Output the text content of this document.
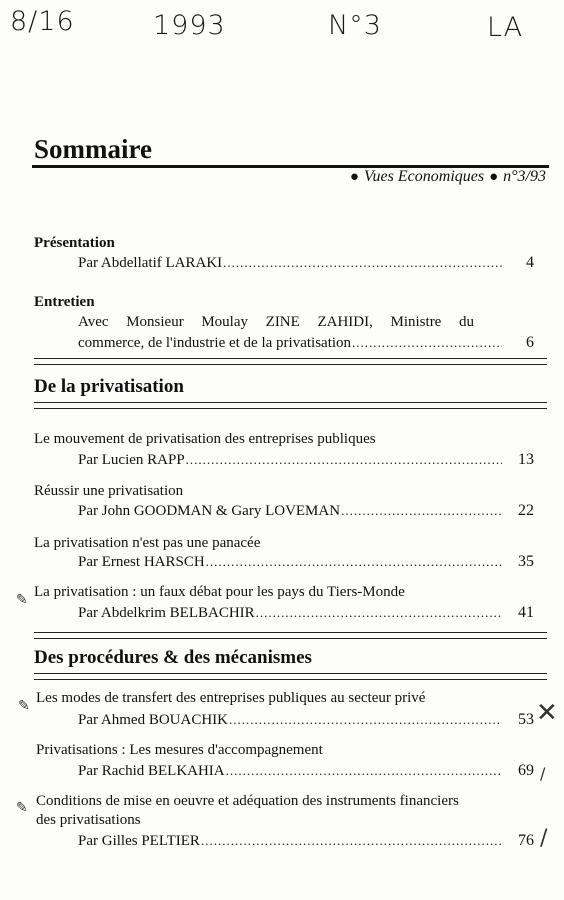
8/16	1993	N°3	LA
Sommaire
● Vues Economiques ● n°3/93
Présentation
Par Abdellatif LARAKI .....	4
Entretien
Avec Monsieur Moulay ZINE ZAHIDI, Ministre du
commerce, de l'industrie et de la privatisation .....	6
De la privatisation
Le mouvement de privatisation des entreprises publiques
Par Lucien RAPP .....	13
Réussir une privatisation
Par John GOODMAN & Gary LOVEMAN .....	22
La privatisation n'est pas une panacée
Par Ernest HARSCH .....	35
✎ La privatisation : un faux débat pour les pays du Tiers-Monde
Par Abdelkrim BELBACHIR .....	41
Des procédures & des mécanismes
✎ Les modes de transfert des entreprises publiques au secteur privé
Par Ahmed BOUACHIK .....	53 ✕
Privatisations : Les mesures d'accompagnement
Par Rachid BELKAHIA .....	69 /
✎ Conditions de mise en oeuvre et adéquation des instruments financiers
des privatisations
Par Gilles PELTIER .....	76 /
